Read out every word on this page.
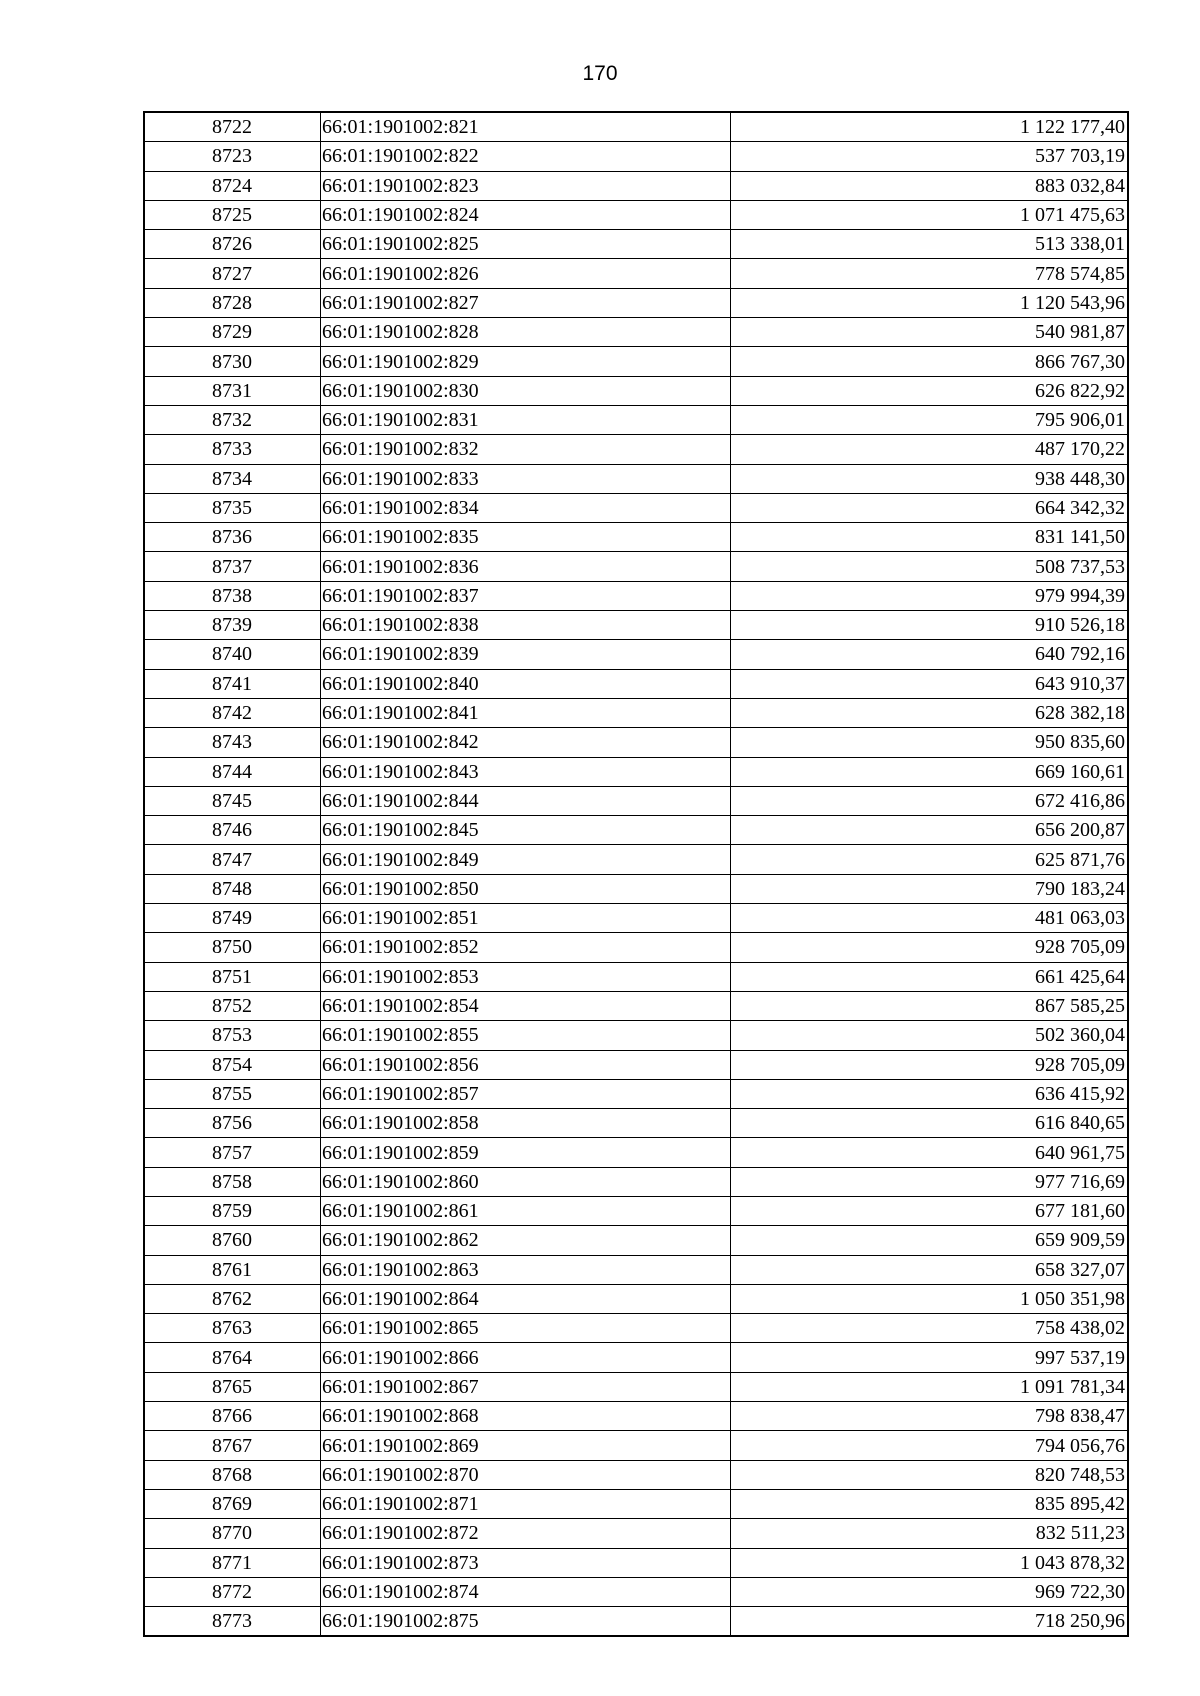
170
8722	66:01:1901002:821	1 122 177,40
8723	66:01:1901002:822	537 703,19
8724	66:01:1901002:823	883 032,84
8725	66:01:1901002:824	1 071 475,63
8726	66:01:1901002:825	513 338,01
8727	66:01:1901002:826	778 574,85
8728	66:01:1901002:827	1 120 543,96
8729	66:01:1901002:828	540 981,87
8730	66:01:1901002:829	866 767,30
8731	66:01:1901002:830	626 822,92
8732	66:01:1901002:831	795 906,01
8733	66:01:1901002:832	487 170,22
8734	66:01:1901002:833	938 448,30
8735	66:01:1901002:834	664 342,32
8736	66:01:1901002:835	831 141,50
8737	66:01:1901002:836	508 737,53
8738	66:01:1901002:837	979 994,39
8739	66:01:1901002:838	910 526,18
8740	66:01:1901002:839	640 792,16
8741	66:01:1901002:840	643 910,37
8742	66:01:1901002:841	628 382,18
8743	66:01:1901002:842	950 835,60
8744	66:01:1901002:843	669 160,61
8745	66:01:1901002:844	672 416,86
8746	66:01:1901002:845	656 200,87
8747	66:01:1901002:849	625 871,76
8748	66:01:1901002:850	790 183,24
8749	66:01:1901002:851	481 063,03
8750	66:01:1901002:852	928 705,09
8751	66:01:1901002:853	661 425,64
8752	66:01:1901002:854	867 585,25
8753	66:01:1901002:855	502 360,04
8754	66:01:1901002:856	928 705,09
8755	66:01:1901002:857	636 415,92
8756	66:01:1901002:858	616 840,65
8757	66:01:1901002:859	640 961,75
8758	66:01:1901002:860	977 716,69
8759	66:01:1901002:861	677 181,60
8760	66:01:1901002:862	659 909,59
8761	66:01:1901002:863	658 327,07
8762	66:01:1901002:864	1 050 351,98
8763	66:01:1901002:865	758 438,02
8764	66:01:1901002:866	997 537,19
8765	66:01:1901002:867	1 091 781,34
8766	66:01:1901002:868	798 838,47
8767	66:01:1901002:869	794 056,76
8768	66:01:1901002:870	820 748,53
8769	66:01:1901002:871	835 895,42
8770	66:01:1901002:872	832 511,23
8771	66:01:1901002:873	1 043 878,32
8772	66:01:1901002:874	969 722,30
8773	66:01:1901002:875	718 250,96
